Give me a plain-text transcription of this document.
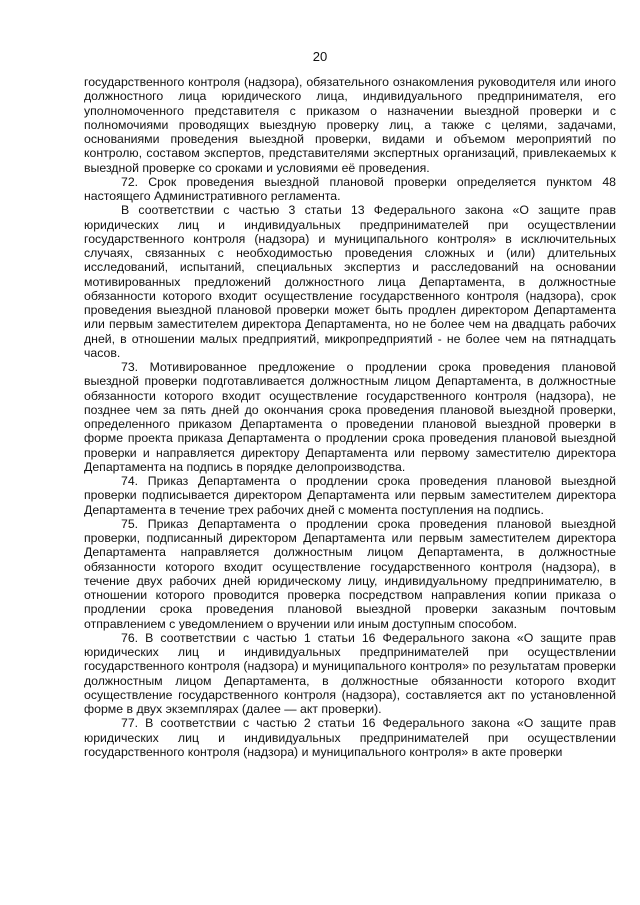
20

государственного контроля (надзора), обязательного ознакомления руководителя или иного должностного лица юридического лица, индивидуального предпринимателя, его уполномоченного представителя с приказом о назначении выездной проверки и с полномочиями проводящих выездную проверку лиц, а также с целями, задачами, основаниями проведения выездной проверки, видами и объемом мероприятий по контролю, составом экспертов, представителями экспертных организаций, привлекаемых к выездной проверке со сроками и условиями её проведения.

72. Срок проведения выездной плановой проверки определяется пунктом 48 настоящего Административного регламента.

В соответствии с частью 3 статьи 13 Федерального закона «О защите прав юридических лиц и индивидуальных предпринимателей при осуществлении государственного контроля (надзора) и муниципального контроля» в исключительных случаях, связанных с необходимостью проведения сложных и (или) длительных исследований, испытаний, специальных экспертиз и расследований на основании мотивированных предложений должностного лица Департамента, в должностные обязанности которого входит осуществление государственного контроля (надзора), срок проведения выездной плановой проверки может быть продлен директором Департамента или первым заместителем директора Департамента, но не более чем на двадцать рабочих дней, в отношении малых предприятий, микропредприятий - не более чем на пятнадцать часов.

73. Мотивированное предложение о продлении срока проведения плановой выездной проверки подготавливается должностным лицом Департамента, в должностные обязанности которого входит осуществление государственного контроля (надзора), не позднее чем за пять дней до окончания срока проведения плановой выездной проверки, определенного приказом Департамента о проведении плановой выездной проверки в форме проекта приказа Департамента о продлении срока проведения плановой выездной проверки и направляется директору Департамента или первому заместителю директора Департамента на подпись в порядке делопроизводства.

74. Приказ Департамента о продлении срока проведения плановой выездной проверки подписывается директором Департамента или первым заместителем директора Департамента в течение трех рабочих дней с момента поступления на подпись.

75. Приказ Департамента о продлении срока проведения плановой выездной проверки, подписанный директором Департамента или первым заместителем директора Департамента направляется должностным лицом Департамента, в должностные обязанности которого входит осуществление государственного контроля (надзора), в течение двух рабочих дней юридическому лицу, индивидуальному предпринимателю, в отношении которого проводится проверка посредством направления копии приказа о продлении срока проведения плановой выездной проверки заказным почтовым отправлением с уведомлением о вручении или иным доступным способом.

76. В соответствии с частью 1 статьи 16 Федерального закона «О защите прав юридических лиц и индивидуальных предпринимателей при осуществлении государственного контроля (надзора) и муниципального контроля» по результатам проверки должностным лицом Департамента, в должностные обязанности которого входит осуществление государственного контроля (надзора), составляется акт по установленной форме в двух экземплярах (далее — акт проверки).

77. В соответствии с частью 2 статьи 16 Федерального закона «О защите прав юридических лиц и индивидуальных предпринимателей при осуществлении государственного контроля (надзора) и муниципального контроля» в акте проверки
